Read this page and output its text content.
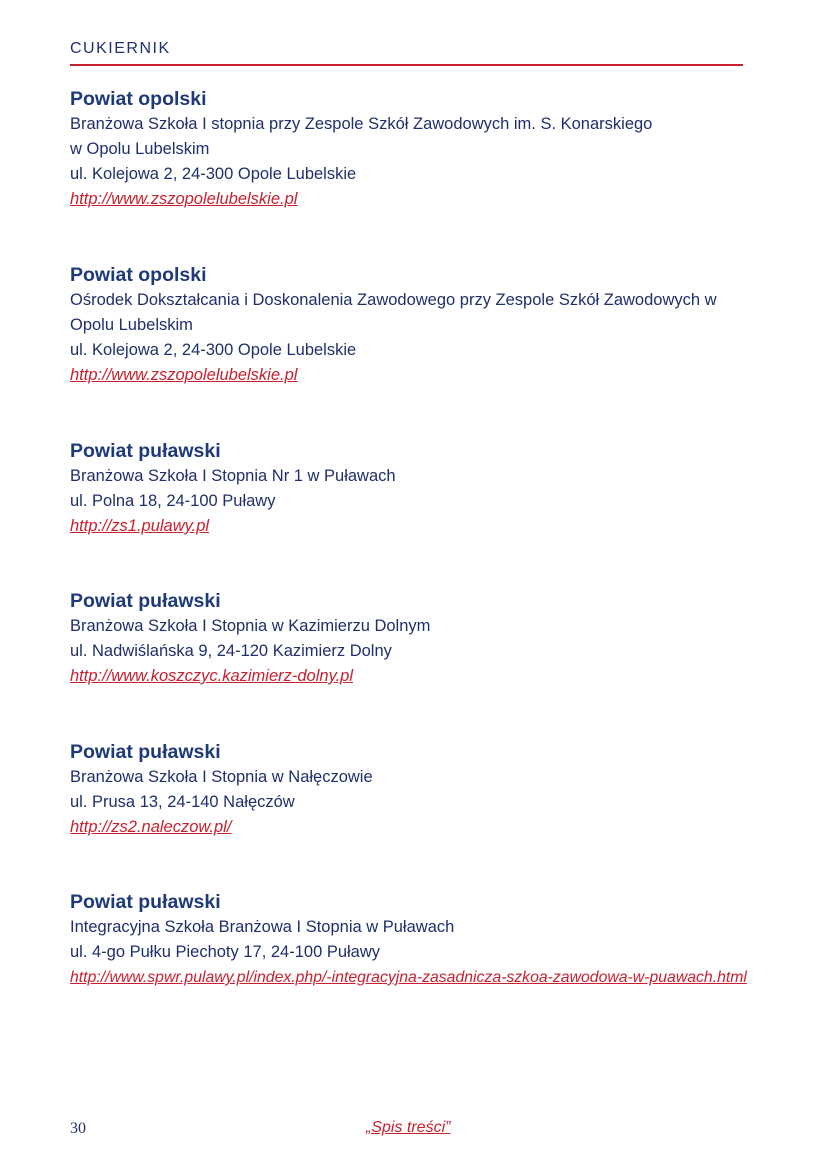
CUKIERNIK
Powiat opolski
Branżowa Szkoła I stopnia przy Zespole Szkół Zawodowych im. S. Konarskiego
w Opolu Lubelskim
ul. Kolejowa 2, 24-300 Opole Lubelskie
http://www.zszopolelubelskie.pl
Powiat opolski
Ośrodek Dokształcania i Doskonalenia Zawodowego przy Zespole Szkół Zawodowych w
Opolu Lubelskim
ul. Kolejowa 2, 24-300 Opole Lubelskie
http://www.zszopolelubelskie.pl
Powiat puławski
Branżowa Szkoła I Stopnia Nr 1 w Puławach
ul. Polna 18, 24-100 Puławy
http://zs1.pulawy.pl
Powiat puławski
Branżowa Szkoła I Stopnia w Kazimierzu Dolnym
ul. Nadwiślańska 9, 24-120 Kazimierz Dolny
http://www.koszczyc.kazimierz-dolny.pl
Powiat puławski
Branżowa Szkoła I Stopnia w Nałęczowie
ul. Prusa 13, 24-140 Nałęczów
http://zs2.naleczow.pl/
Powiat puławski
Integracyjna Szkoła Branżowa I Stopnia w Puławach
ul. 4-go Pułku Piechoty 17, 24-100 Puławy
http://www.spwr.pulawy.pl/index.php/-integracyjna-zasadnicza-szkoa-zawodowa-w-puawach.html
30	„Spis treści”
